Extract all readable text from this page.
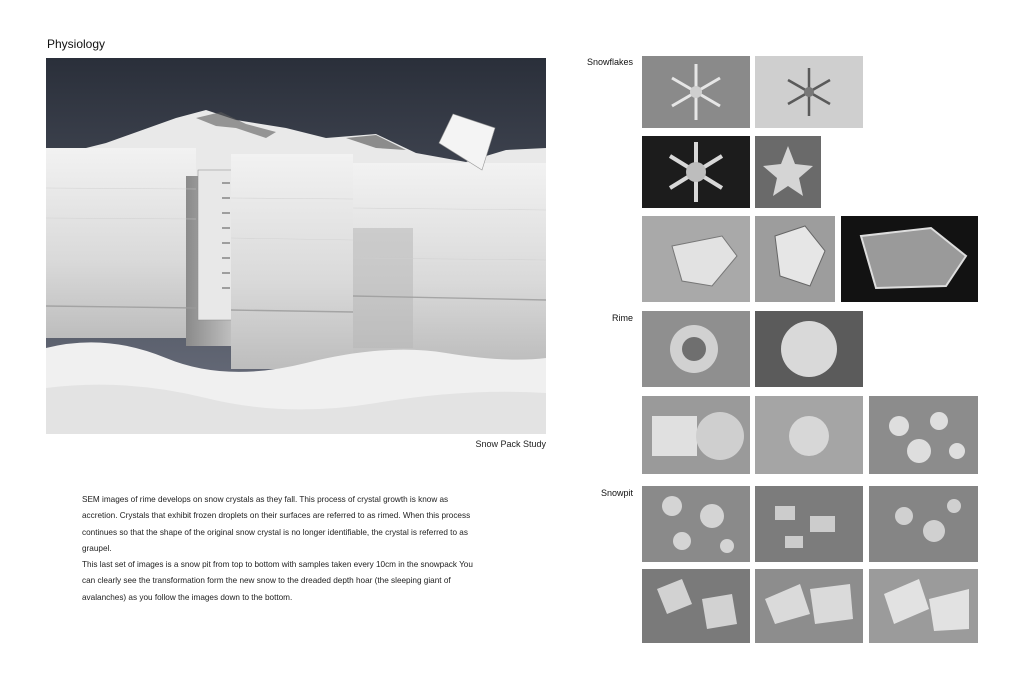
Physiology
Snow Pack Study

SEM images of rime develops on snow crystals as they fall. This process of crystal growth is know as accretion. Crystals that exhibit frozen droplets on their surfaces are referred to as rimed. When this process continues so that the shape of the original snow crystal is no longer identifiable, the crystal is referred to as graupel.

This last set of images is a snow pit from top to bottom with samples taken every 10cm in the snowpack You can clearly see the transformation form the new snow to the dreaded depth hoar (the sleeping giant of avalanches) as you follow the images down to the bottom.

Snowflakes
Rime
Snowpit
